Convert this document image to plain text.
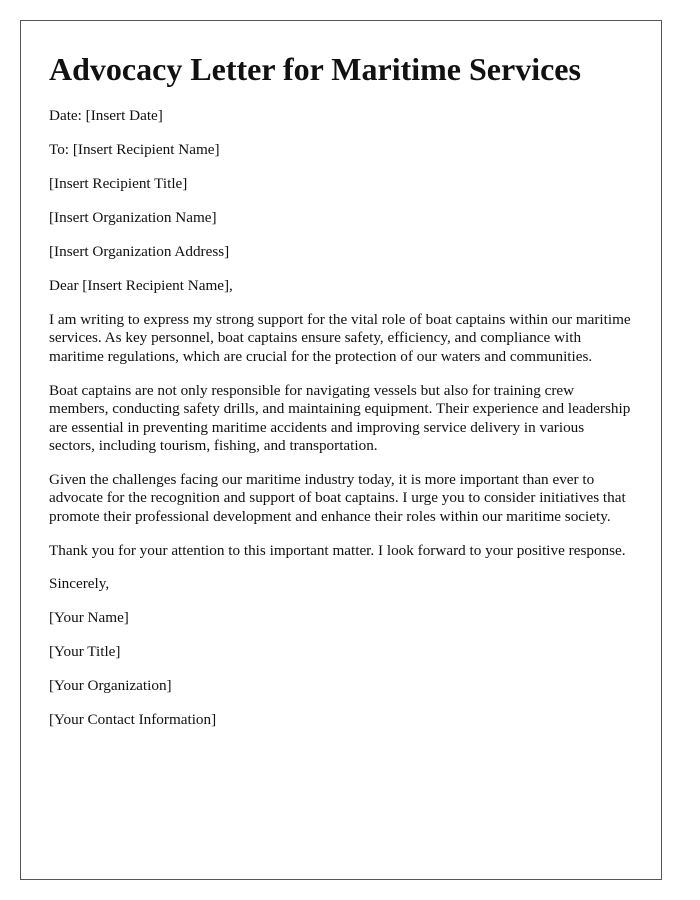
Advocacy Letter for Maritime Services

Date: [Insert Date]

To: [Insert Recipient Name]

[Insert Recipient Title]

[Insert Organization Name]

[Insert Organization Address]

Dear [Insert Recipient Name],

I am writing to express my strong support for the vital role of boat captains within our maritime services. As key personnel, boat captains ensure safety, efficiency, and compliance with maritime regulations, which are crucial for the protection of our waters and communities.

Boat captains are not only responsible for navigating vessels but also for training crew members, conducting safety drills, and maintaining equipment. Their experience and leadership are essential in preventing maritime accidents and improving service delivery in various sectors, including tourism, fishing, and transportation.

Given the challenges facing our maritime industry today, it is more important than ever to advocate for the recognition and support of boat captains. I urge you to consider initiatives that promote their professional development and enhance their roles within our maritime society.

Thank you for your attention to this important matter. I look forward to your positive response.

Sincerely,

[Your Name]

[Your Title]

[Your Organization]

[Your Contact Information]
